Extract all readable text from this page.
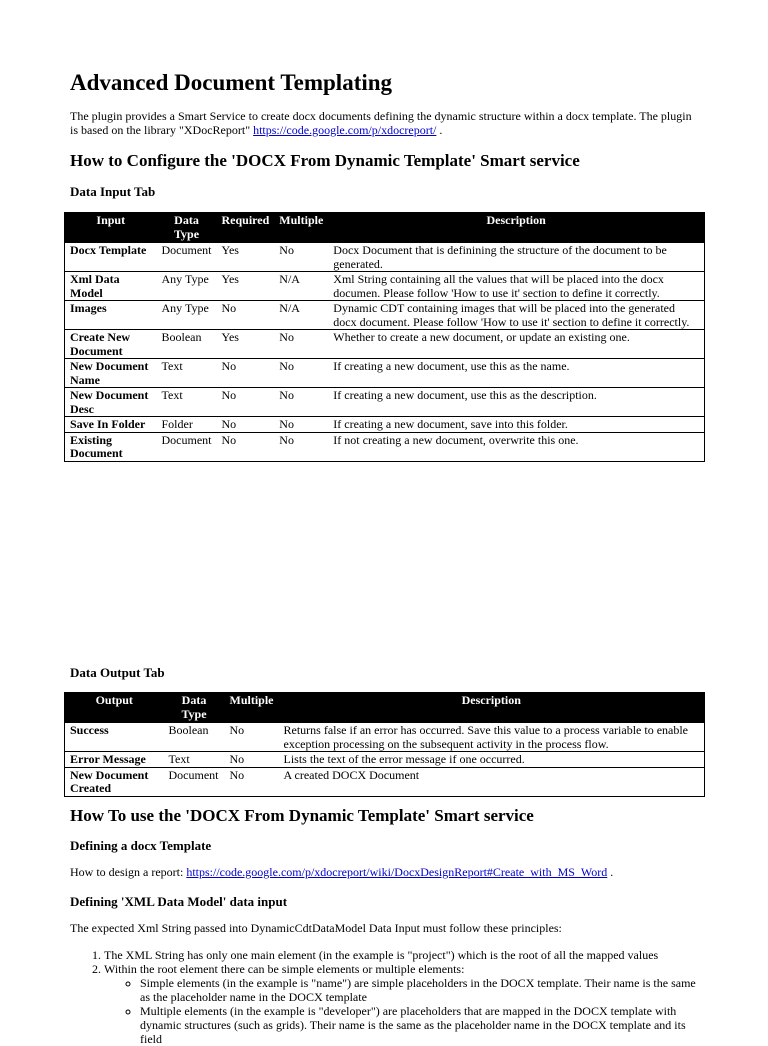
Advanced Document Templating

The plugin provides a Smart Service to create docx documents defining the dynamic structure within a docx template. The plugin is based on the library "XDocReport" https://code.google.com/p/xdocreport/ .

How to Configure the 'DOCX From Dynamic Template' Smart service
Data Input Tab
Input	Data Type	Required	Multiple	Description
Docx Template	Document	Yes	No	Docx Document that is definining the structure of the document to be generated.
Xml Data Model	Any Type	Yes	N/A	Xml String containing all the values that will be placed into the docx documen. Please follow 'How to use it' section to define it correctly.
Images	Any Type	No	N/A	Dynamic CDT containing images that will be placed into the generated docx document. Please follow 'How to use it' section to define it correctly.
Create New Document	Boolean	Yes	No	Whether to create a new document, or update an existing one.
New Document Name	Text	No	No	If creating a new document, use this as the name.
New Document Desc	Text	No	No	If creating a new document, use this as the description.
Save In Folder	Folder	No	No	If creating a new document, save into this folder.
Existing Document	Document	No	No	If not creating a new document, overwrite this one.
Data Output Tab
Output	Data Type	Multiple	Description
Success	Boolean	No	Returns false if an error has occurred. Save this value to a process variable to enable exception processing on the subsequent activity in the process flow.
Error Message	Text	No	Lists the text of the error message if one occurred.
New Document Created	Document	No	A created DOCX Document
How To use the 'DOCX From Dynamic Template' Smart service
Defining a docx Template

How to design a report: https://code.google.com/p/xdocreport/wiki/DocxDesignReport#Create_with_MS_Word .

Defining 'XML Data Model' data input

The expected Xml String passed into DynamicCdtDataModel Data Input must follow these principles:

1. The XML String has only one main element (in the example is "project") which is the root of all the mapped values
2. Within the root element there can be simple elements or multiple elements:
◦ Simple elements (in the example is "name") are simple placeholders in the DOCX template. Their name is the same as the placeholder name in the DOCX template
◦ Multiple elements (in the example is "developer") are placeholders that are mapped in the DOCX template with dynamic structures (such as grids). Their name is the same as the placeholder name in the DOCX template and its field
